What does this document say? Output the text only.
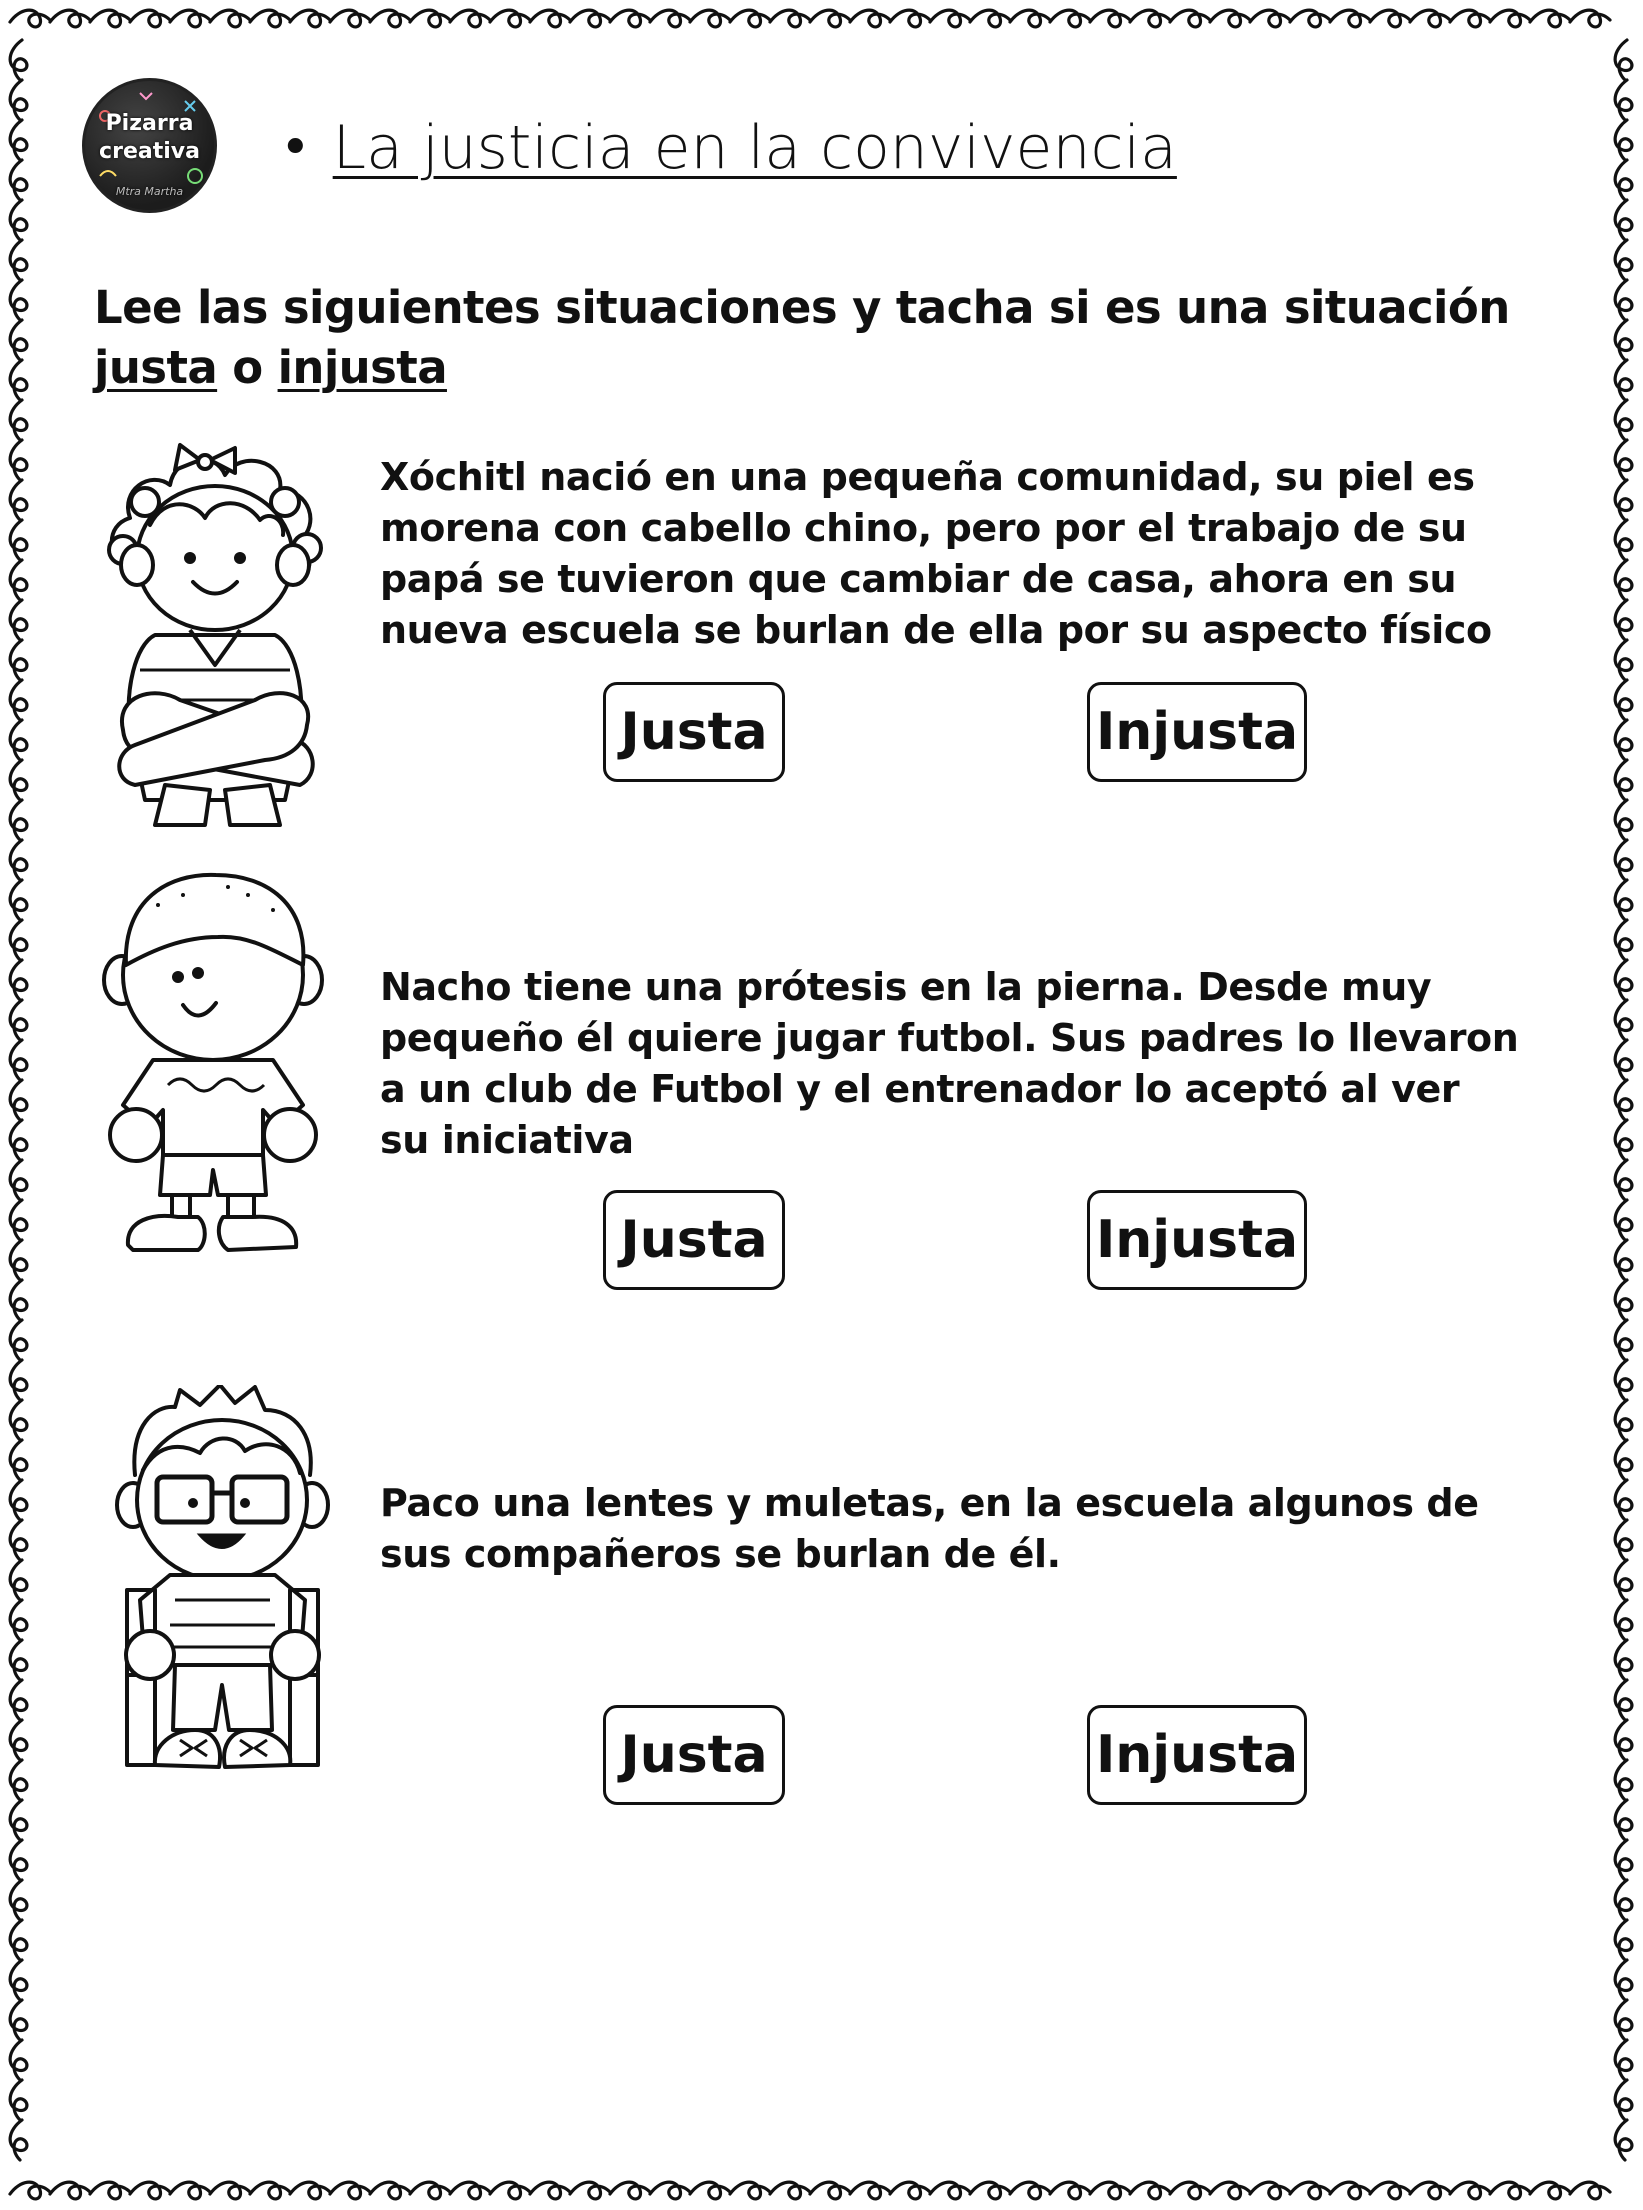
Pizarra
creativa
Mtra Martha
• La justicia en la convivencia
Lee las siguientes situaciones y tacha si es una situación justa o injusta
Xóchitl nació en una pequeña comunidad, su piel es morena con cabello chino, pero por el trabajo de su papá se tuvieron que cambiar de casa, ahora en su nueva escuela se burlan de ella por su aspecto físico
Justa	Injusta
Nacho tiene una prótesis en la pierna. Desde muy pequeño él quiere jugar futbol. Sus padres lo llevaron a un club de Futbol y el entrenador lo aceptó al ver su iniciativa
Justa	Injusta
Paco una lentes y muletas, en la escuela algunos de sus compañeros se burlan de él.
Justa	Injusta
